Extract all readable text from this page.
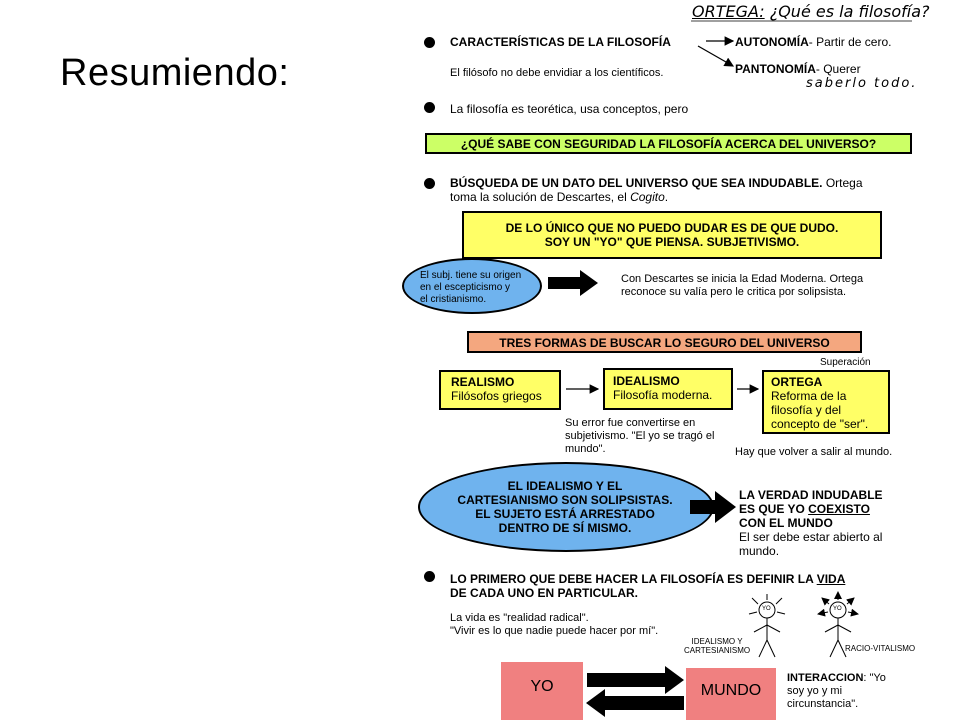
Resumiendo:
ORTEGA: ¿Qué es la filosofía?
CARACTERÍSTICAS DE LA FILOSOFÍA	AUTONOMÍA- Partir de cero.
El filósofo no debe envidiar a los científicos.	PANTONOMÍA- Querer
saberlo todo.
La filosofía es teorética, usa conceptos, pero
¿QUÉ SABE CON SEGURIDAD LA FILOSOFÍA ACERCA DEL UNIVERSO?
BÚSQUEDA DE UN DATO DEL UNIVERSO QUE SEA INDUDABLE. Ortega
toma la solución de Descartes, el Cogito.
DE LO ÚNICO QUE NO PUEDO DUDAR ES DE QUE DUDO.
SOY UN "YO" QUE PIENSA. SUBJETIVISMO.
El subj. tiene su origen
en el escepticismo y
el cristianismo.
Con Descartes se inicia la Edad Moderna. Ortega
reconoce su valía pero le critica por solipsista.
TRES FORMAS DE BUSCAR LO SEGURO DEL UNIVERSO
Superación
REALISMO
Filósofos griegos
IDEALISMO
Filosofía moderna.
ORTEGA
Reforma de la
filosofía y del
concepto de "ser".
Su error fue convertirse en
subjetivismo. "El yo se tragó el
mundo".	Hay que volver a salir al mundo.
EL IDEALISMO Y EL
CARTESIANISMO SON SOLIPSISTAS.
EL SUJETO ESTÁ ARRESTADO
DENTRO DE SÍ MISMO.
LA VERDAD INDUDABLE
ES QUE YO COEXISTO
CON EL MUNDO
El ser debe estar abierto al
mundo.
LO PRIMERO QUE DEBE HACER LA FILOSOFÍA ES DEFINIR LA VIDA
DE CADA UNO EN PARTICULAR.
La vida es "realidad radical".
"Vivir es lo que nadie puede hacer por mí".
IDEALISMO Y
CARTESIANISMO	RACIO-VITALISMO
YO	YO
YO	MUNDO
INTERACCION: "Yo
soy yo y mi
circunstancia".
